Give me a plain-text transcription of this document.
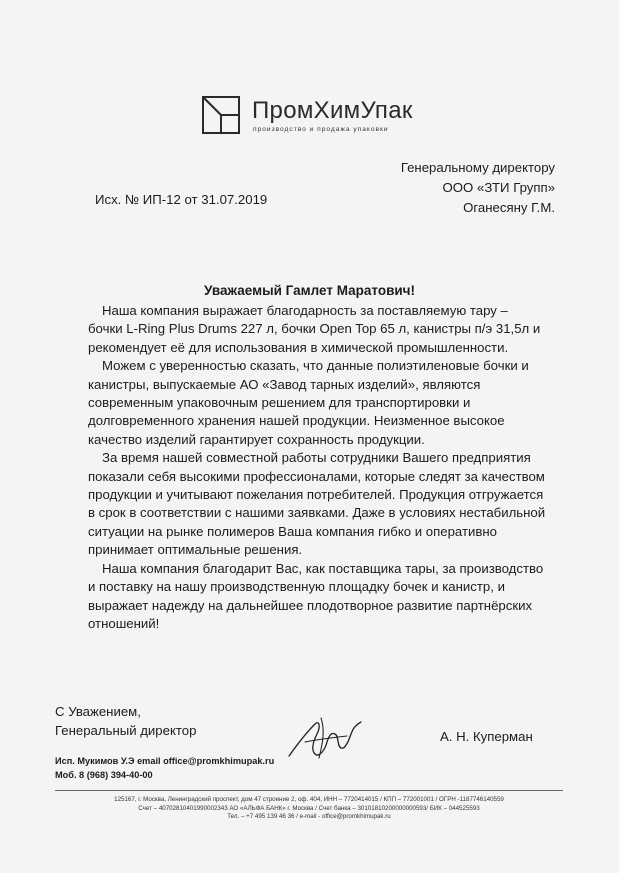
ПромХимУпак
производство и продажа упаковки
Генеральному директору
ООО «ЗТИ Групп»
Оганесяну Г.М.
Исх. № ИП-12 от 31.07.2019
Уважаемый Гамлет Маратович!

Наша компания выражает благодарность за поставляемую тару – бочки L-Ring Plus Drums 227 л, бочки Open Top 65 л, канистры п/э 31,5л и рекомендует её для использования в химической промышленности.

Можем с уверенностью сказать, что данные полиэтиленовые бочки и канистры, выпускаемые АО «Завод тарных изделий», являются современным упаковочным решением для транспортировки и долговременного хранения нашей продукции. Неизменное высокое качество изделий гарантирует сохранность продукции.

За время нашей совместной работы сотрудники Вашего предприятия показали себя высокими профессионалами, которые следят за качеством продукции и учитывают пожелания потребителей. Продукция отгружается в срок в соответствии с нашими заявками. Даже в условиях нестабильной ситуации на рынке полимеров Ваша компания гибко и оперативно принимает оптимальные решения.

Наша компания благодарит Вас, как поставщика тары, за производство и поставку на нашу производственную площадку бочек и канистр, и выражает надежду на дальнейшее плодотворное развитие партнёрских отношений!

С Уважением,
Генеральный директор	А. Н. Куперман
Исп. Мукимов У.Э email office@promkhimupak.ru
Моб. 8 (968) 394-40-00
125167, г. Москва, Ленинградский проспект, дом 47 строение 2, оф. 404, ИНН – 7720414015 / КПП – 772001001 / ОГРН -1187746140559
Счет – 40702810401990002343 АО «АЛЬФА БАНК» г. Москва / Счет банка – 30101810200000000593/ БИК – 044525593
Тел. – +7 495 139 46 36 / e-mail - office@promkhimupak.ru
